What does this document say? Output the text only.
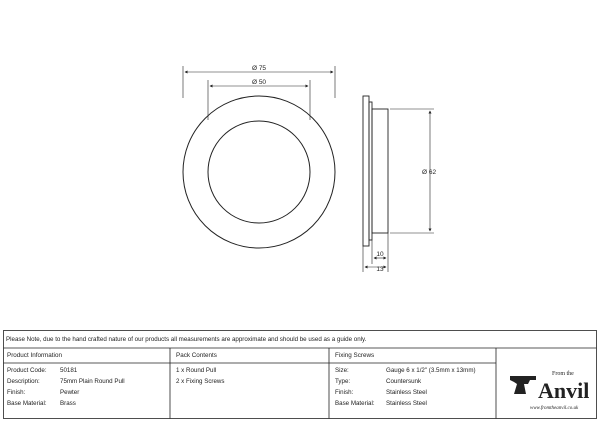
Ø 75
Ø 50
Ø 62
10
13
Please Note, due to the hand crafted nature of our products all measurements are approximate and should be used as a guide only.
Product Information	Pack Contents	Fixing Screws
Product Code: 50181
Description:	75mm Plain Round Pull
Finish:	Pewter
Base Material: Brass
1 x Round Pull
2 x Fixing Screws
Size:	Gauge 6 x 1/2" (3.5mm x 13mm)
Type:	Countersunk
Finish:	Stainless Steel
Base Material: Stainless Steel
From the
Anvil
www.fromtheanvil.co.uk
